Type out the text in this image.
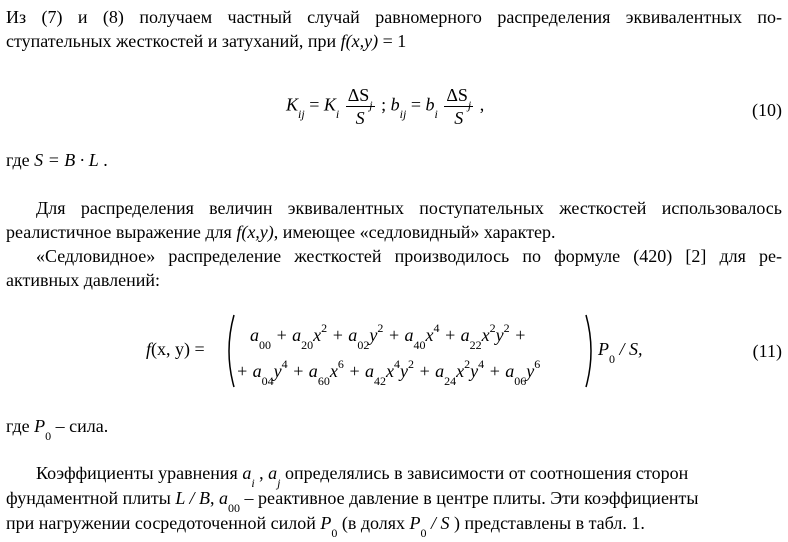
Из (7) и (8) получаем частный случай равномерного распределения эквивалентных по-
ступательных жесткостей и затуханий, при f(x,y) = 1
$K_{ij} = K_i \frac{\Delta S_j}{S}$ ; $b_{ij} = b_i \frac{\Delta S_j}{S}$ ,	(10)
где S = B · L .
Для распределения величин эквивалентных поступательных жесткостей использовалось
реалистичное выражение для f(x,y), имеющее «седловидный» характер.
«Седловидное» распределение жесткостей производилось по формуле (420) [2] для ре-
активных давлений:
f(x, y) =
$a_{00} + a_{20}x^2 + a_{02}y^2 + a_{40}x^4 + a_{22}x^2y^2$ +
+ $a_{04}y^4 + a_{60}x^6 + a_{42}x^4y^2 + a_{24}x^2y^4 + a_{06}y^6$
$P_0$ / S,	(11)
где $P_0$ – сила.
Коэффициенты уравнения $a_i$ , $a_j$ определялись в зависимости от соотношения сторон
фундаментной плиты L / B, $a_{00}$ – реактивное давление в центре плиты. Эти коэффициенты
при нагружении сосредоточенной силой $P_0$ (в долях $P_0$ / S ) представлены в табл. 1.
